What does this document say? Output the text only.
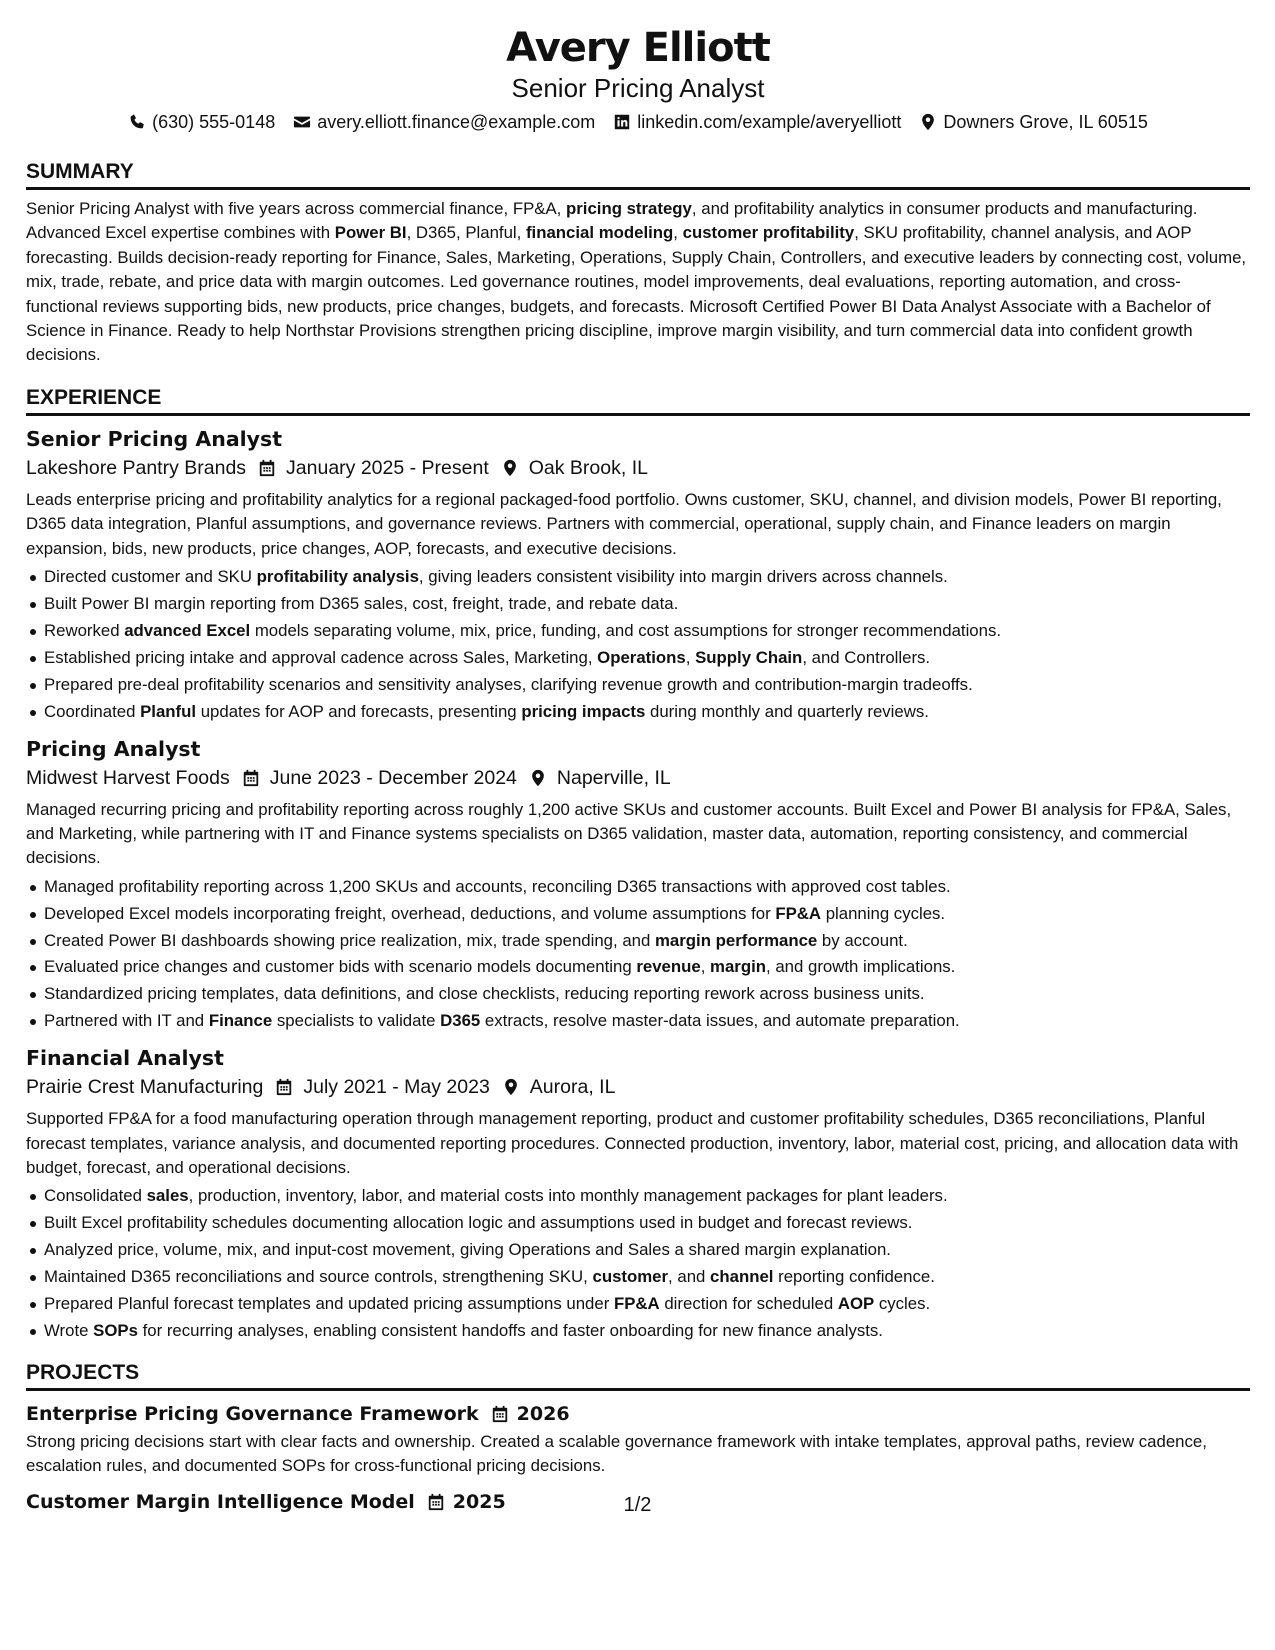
Avery Elliott
Senior Pricing Analyst
(630) 555-0148 avery.elliott.finance@example.com linkedin.com/example/averyelliott Downers Grove, IL 60515
SUMMARY
Senior Pricing Analyst with five years across commercial finance, FP&A, pricing strategy, and profitability analytics in consumer products and manufacturing. Advanced Excel expertise combines with Power BI, D365, Planful, financial modeling, customer profitability, SKU profitability, channel analysis, and AOP forecasting. Builds decision-ready reporting for Finance, Sales, Marketing, Operations, Supply Chain, Controllers, and executive leaders by connecting cost, volume, mix, trade, rebate, and price data with margin outcomes. Led governance routines, model improvements, deal evaluations, reporting automation, and cross-functional reviews supporting bids, new products, price changes, budgets, and forecasts. Microsoft Certified Power BI Data Analyst Associate with a Bachelor of Science in Finance. Ready to help Northstar Provisions strengthen pricing discipline, improve margin visibility, and turn commercial data into confident growth decisions.
EXPERIENCE
Senior Pricing Analyst
Lakeshore Pantry Brands January 2025 - Present Oak Brook, IL
Leads enterprise pricing and profitability analytics for a regional packaged-food portfolio. Owns customer, SKU, channel, and division models, Power BI reporting, D365 data integration, Planful assumptions, and governance reviews. Partners with commercial, operational, supply chain, and Finance leaders on margin expansion, bids, new products, price changes, AOP, forecasts, and executive decisions.
Directed customer and SKU profitability analysis, giving leaders consistent visibility into margin drivers across channels.
Built Power BI margin reporting from D365 sales, cost, freight, trade, and rebate data.
Reworked advanced Excel models separating volume, mix, price, funding, and cost assumptions for stronger recommendations.
Established pricing intake and approval cadence across Sales, Marketing, Operations, Supply Chain, and Controllers.
Prepared pre-deal profitability scenarios and sensitivity analyses, clarifying revenue growth and contribution-margin tradeoffs.
Coordinated Planful updates for AOP and forecasts, presenting pricing impacts during monthly and quarterly reviews.
Pricing Analyst
Midwest Harvest Foods June 2023 - December 2024 Naperville, IL
Managed recurring pricing and profitability reporting across roughly 1,200 active SKUs and customer accounts. Built Excel and Power BI analysis for FP&A, Sales, and Marketing, while partnering with IT and Finance systems specialists on D365 validation, master data, automation, reporting consistency, and commercial decisions.
Managed profitability reporting across 1,200 SKUs and accounts, reconciling D365 transactions with approved cost tables.
Developed Excel models incorporating freight, overhead, deductions, and volume assumptions for FP&A planning cycles.
Created Power BI dashboards showing price realization, mix, trade spending, and margin performance by account.
Evaluated price changes and customer bids with scenario models documenting revenue, margin, and growth implications.
Standardized pricing templates, data definitions, and close checklists, reducing reporting rework across business units.
Partnered with IT and Finance specialists to validate D365 extracts, resolve master-data issues, and automate preparation.
Financial Analyst
Prairie Crest Manufacturing July 2021 - May 2023 Aurora, IL
Supported FP&A for a food manufacturing operation through management reporting, product and customer profitability schedules, D365 reconciliations, Planful forecast templates, variance analysis, and documented reporting procedures. Connected production, inventory, labor, material cost, pricing, and allocation data with budget, forecast, and operational decisions.
Consolidated sales, production, inventory, labor, and material costs into monthly management packages for plant leaders.
Built Excel profitability schedules documenting allocation logic and assumptions used in budget and forecast reviews.
Analyzed price, volume, mix, and input-cost movement, giving Operations and Sales a shared margin explanation.
Maintained D365 reconciliations and source controls, strengthening SKU, customer, and channel reporting confidence.
Prepared Planful forecast templates and updated pricing assumptions under FP&A direction for scheduled AOP cycles.
Wrote SOPs for recurring analyses, enabling consistent handoffs and faster onboarding for new finance analysts.
PROJECTS
Enterprise Pricing Governance Framework 2026
Strong pricing decisions start with clear facts and ownership. Created a scalable governance framework with intake templates, approval paths, review cadence, escalation rules, and documented SOPs for cross-functional pricing decisions.
Customer Margin Intelligence Model 2025	1/2
